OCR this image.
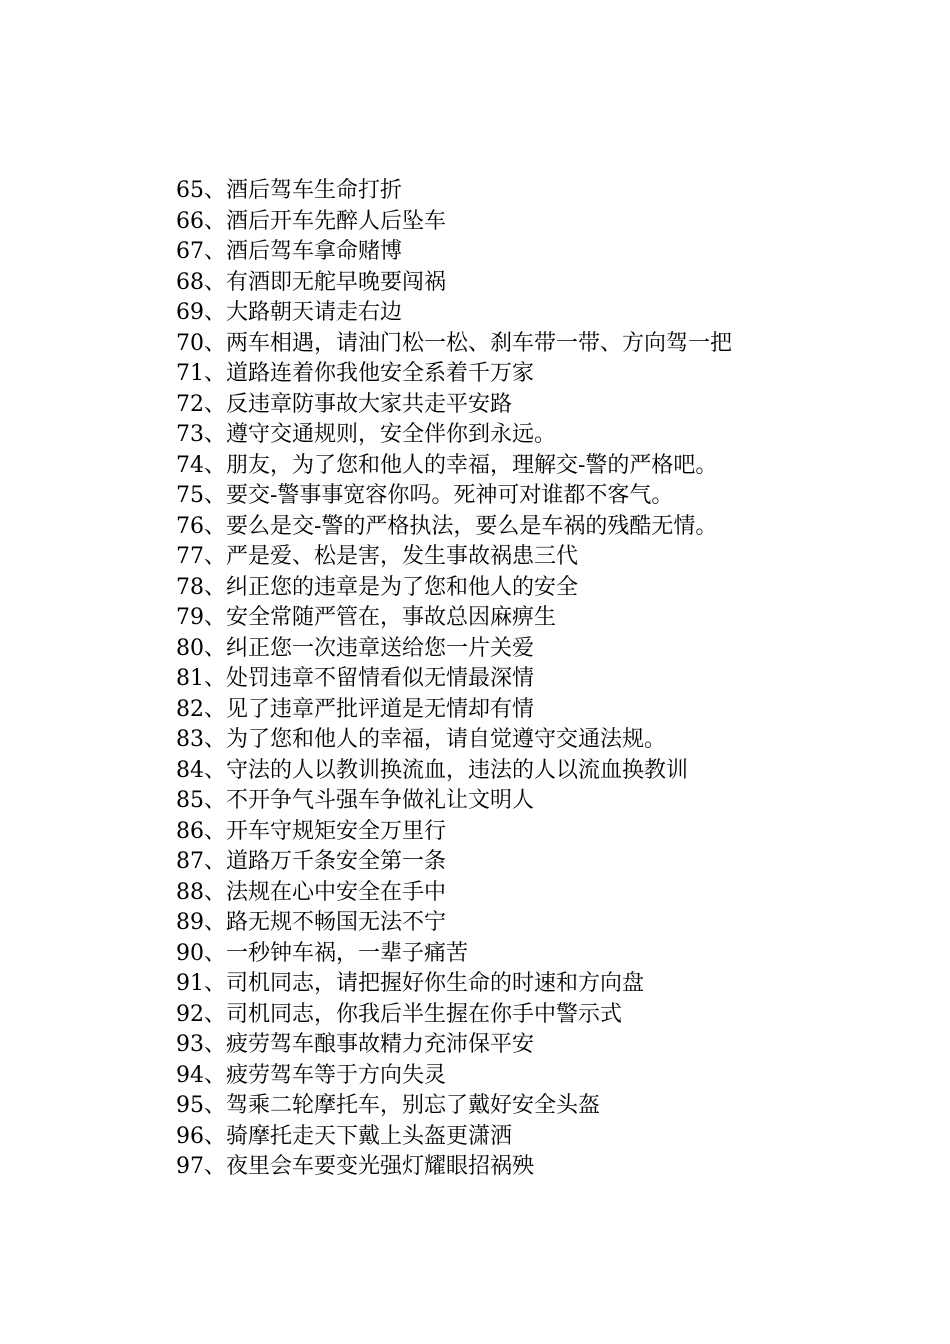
65、酒后驾车生命打折
66、酒后开车先醉人后坠车
67、酒后驾车拿命赌博
68、有酒即无舵早晚要闯祸
69、大路朝天请走右边
70、两车相遇，请油门松一松、刹车带一带、方向驾一把
71、道路连着你我他安全系着千万家
72、反违章防事故大家共走平安路
73、遵守交通规则，安全伴你到永远。
74、朋友，为了您和他人的幸福，理解交-警的严格吧。
75、要交-警事事宽容你吗。死神可对谁都不客气。
76、要么是交-警的严格执法，要么是车祸的残酷无情。
77、严是爱、松是害，发生事故祸患三代
78、纠正您的违章是为了您和他人的安全
79、安全常随严管在，事故总因麻痹生
80、纠正您一次违章送给您一片关爱
81、处罚违章不留情看似无情最深情
82、见了违章严批评道是无情却有情
83、为了您和他人的幸福，请自觉遵守交通法规。
84、守法的人以教训换流血，违法的人以流血换教训
85、不开争气斗强车争做礼让文明人
86、开车守规矩安全万里行
87、道路万千条安全第一条
88、法规在心中安全在手中
89、路无规不畅国无法不宁
90、一秒钟车祸，一辈子痛苦
91、司机同志，请把握好你生命的时速和方向盘
92、司机同志，你我后半生握在你手中警示式
93、疲劳驾车酿事故精力充沛保平安
94、疲劳驾车等于方向失灵
95、驾乘二轮摩托车，别忘了戴好安全头盔
96、骑摩托走天下戴上头盔更潇洒
97、夜里会车要变光强灯耀眼招祸殃
